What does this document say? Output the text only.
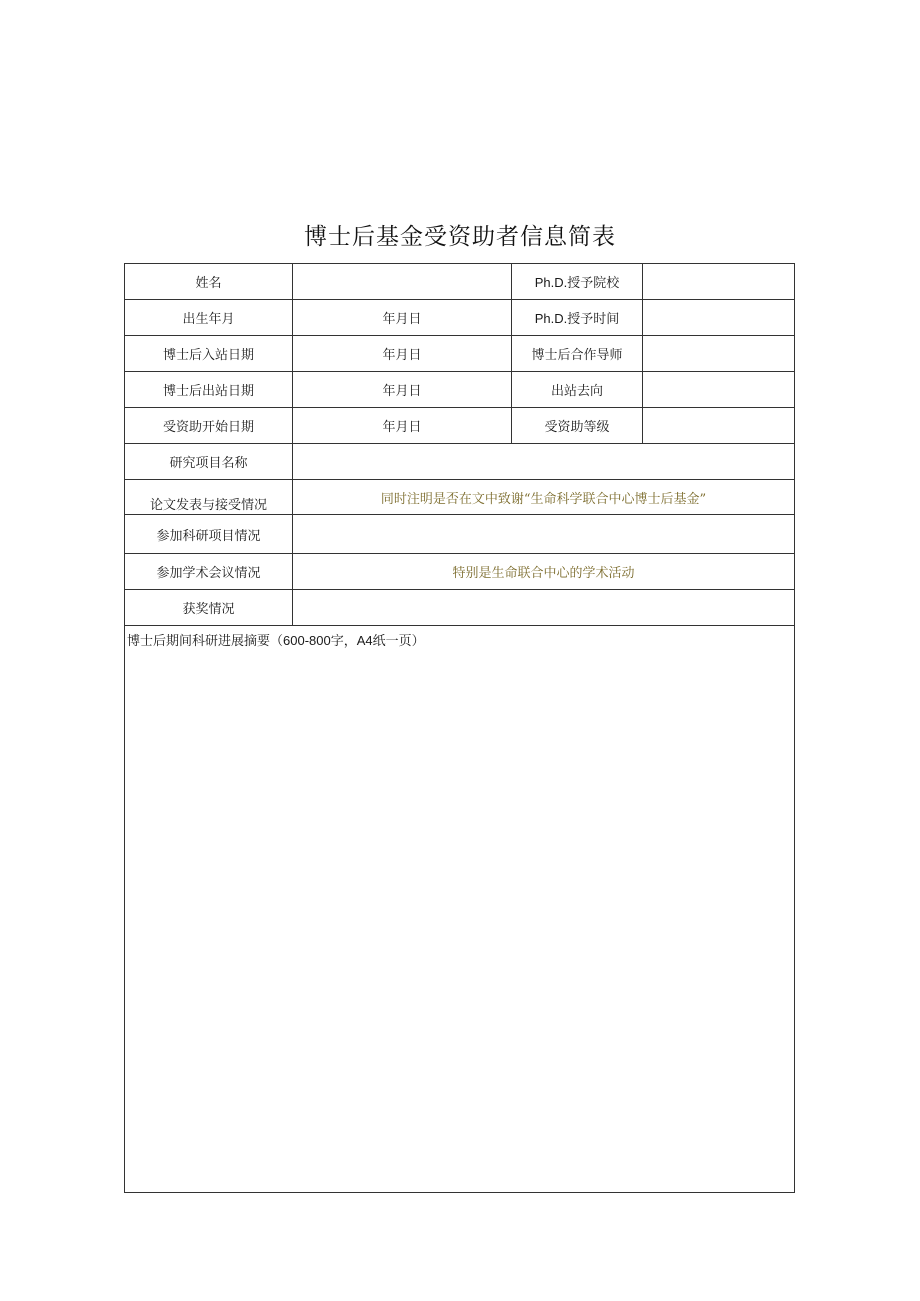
博士后基金受资助者信息简表
姓名		Ph.D.授予院校	
出生年月	年月日	Ph.D.授予时间	
博士后入站日期	年月日	博士后合作导师	
博士后出站日期	年月日	出站去向	
受资助开始日期	年月日	受资助等级	
研究项目名称			
论文发表与接受情况	同时注明是否在文中致谢“生命科学联合中心博士后基金”		
参加科研项目情况			
参加学术会议情况	特别是生命联合中心的学术活动		
获奖情况			
博士后期间科研进展摘要（600-800字，A4纸一页）			
